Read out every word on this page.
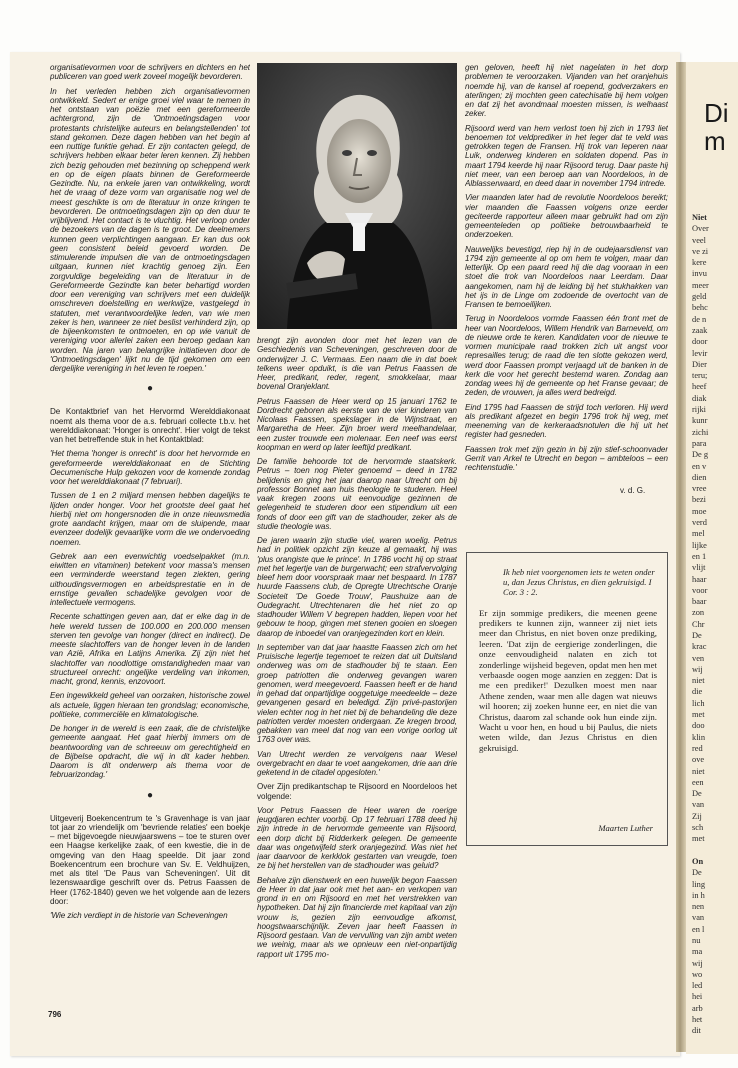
Di
m
Niet
Over
veel
ve zi
kere
invu
meer
geld
behc
de n
zaak
door
levir
Dier
teru;
heef
diak
rijki
kunr
zichi
para
De g
en v
dien
vree
bezi
moe
verd
mel
lijke
en 1
vlijt
haar
voor
baar
zon
Chr
De
krac
ven
wij
niet
die
lich
met
doo
klin
red
ove
niet
een
De
van
Zij
sch
met

On
De
ling
in h
nen
van
en l
nu
ma
wij
wo
led
hei
arb
het
dit

organisatievormen voor de schrijvers en dichters en het publiceren van goed werk zoveel mogelijk bevorderen.

In het verleden hebben zich organisatievormen ontwikkeld. Sedert er enige groei viel waar te nemen in het ontstaan van poëzie met een gereformeerde achtergrond, zijn de 'Ontmoetingsdagen voor protestants christelijke auteurs en belangstellenden' tot stand gekomen. Deze dagen hebben van het begin af een nuttige funktie gehad. Er zijn contacten gelegd, de schrijvers hebben elkaar beter leren kennen. Zij hebben zich bezig gehouden met bezinning op scheppend werk en op de eigen plaats binnen de Gereformeerde Gezindte. Nu, na enkele jaren van ontwikkeling, wordt het de vraag of deze vorm van organisatie nog wel de meest geschikte is om de literatuur in onze kringen te bevorderen. De ontmoetingsdagen zijn op den duur te vrijblijvend. Het contact is te vluchtig. Het verloop onder de bezoekers van de dagen is te groot. De deelnemers kunnen geen verplichtingen aangaan. Er kan dus ook geen consistent beleid gevoerd worden. De stimulerende impulsen die van de ontmoetingsdagen uitgaan, kunnen niet krachtig genoeg zijn. Een zorgvuldige begeleiding van de literatuur in de Gereformeerde Gezindte kan beter behartigd worden door een vereniging van schrijvers met een duidelijk omschreven doelstelling en werkwijze, vastgelegd in statuten, met verantwoordelijke leden, van wie men zeker is hen, wanneer ze niet beslist verhinderd zijn, op de bijeenkomsten te ontmoeten, en op wie vanuit de vereniging voor allerlei zaken een beroep gedaan kan worden. Na jaren van belangrijke initiatieven door de 'Ontmoetingsdagen' lijkt nu de tijd gekomen om een dergelijke vereniging in het leven te roepen.'

●

De Kontaktbrief van het Hervormd Werelddiakonaat noemt als thema voor de a.s. februari collecte t.b.v. het werelddiakonaat: 'Honger is onrecht'. Hier volgt de tekst van het betreffende stuk in het Kontaktblad:

'Het thema 'honger is onrecht' is door het hervormde en gereformeerde werelddiakonaat en de Stichting Oecumenische Hulp gekozen voor de komende zondag voor het werelddiakonaat (7 februari).

Tussen de 1 en 2 miljard mensen hebben dagelijks te lijden onder honger. Voor het grootste deel gaat het hierbij niet om hongersnoden die in onze nieuwsmedia grote aandacht krijgen, maar om de sluipende, maar evenzeer dodelijk gevaarlijke vorm die we ondervoeding noemen.

Gebrek aan een evenwichtig voedselpakket (m.n. eiwitten en vitaminen) betekent voor massa's mensen een verminderde weerstand tegen ziekten, gering uithoudingsvermogen en arbeidsprestatie en in de ernstige gevallen schadelijke gevolgen voor de intellectuele vermogens.

Recente schattingen geven aan, dat er elke dag in de hele wereld tussen de 100.000 en 200.000 mensen sterven ten gevolge van honger (direct en indirect). De meeste slachtoffers van de honger leven in de landen van Azië, Afrika en Latijns Amerika. Zij zijn niet het slachtoffer van noodlottige omstandigheden maar van structureel onrecht: ongelijke verdeling van inkomen, macht, grond, kennis, enzovoort.

Een ingewikkeld geheel van oorzaken, historische zowel als actuele, liggen hieraan ten grondslag; economische, politieke, commerciële en klimatologische.

De honger in de wereld is een zaak, die de christelijke gemeente aangaat. Het gaat hierbij immers om de beantwoording van de schreeuw om gerechtigheid en de Bijbelse opdracht, die wij in dit kader hebben. Daarom is dit onderwerp als thema voor de februarizondag.'

●

Uitgeverij Boekencentrum te 's Gravenhage is van jaar tot jaar zo vriendelijk om 'bevriende relaties' een boekje – met bijgevoegde nieuwjaarswens – toe te sturen over een Haagse kerkelijke zaak, of een kwestie, die in de omgeving van den Haag speelde. Dit jaar zond Boekencentrum een brochure van Sv. E. Veldhuijzen, met als titel 'De Paus van Scheveningen'. Uit dit lezenswaardige geschrift over ds. Petrus Faassen de Heer (1762-1840) geven we het volgende aan de lezers door:

'Wie zich verdiept in de historie van Scheveningen

brengt zijn avonden door met het lezen van de Geschiedenis van Scheveningen, geschreven door de onderwijzer J. C. Vermaas. Een naam die in dat boek telkens weer opduikt, is die van Petrus Faassen de Heer, predikant, reder, regent, smokkelaar, maar bovenal Oranjeklant.

Petrus Faassen de Heer werd op 15 januari 1762 te Dordrecht geboren als eerste van de vier kinderen van Nicolaas Faassen, spekslager in de Wijnstraat, en Margaretha de Heer. Zijn broer werd meelhandelaar, een zuster trouwde een molenaar. Een neef was eerst koopman en werd op later leeftijd predikant.

De familie behoorde tot de hervormde staatskerk. Petrus – toen nog Pieter genoemd – deed in 1782 belijdenis en ging het jaar daarop naar Utrecht om bij professor Bonnet aan huis theologie te studeren. Heel vaak kregen zoons uit eenvoudige gezinnen de gelegenheid te studeren door een stipendium uit een fonds of door een gift van de stadhouder, zeker als de studie theologie was.

De jaren waarin zijn studie viel, waren woelig. Petrus had in politiek opzicht zijn keuze al gemaakt, hij was 'plus orangiste que le prince'. In 1786 vocht hij op straat met het legertje van de burgerwacht; een strafvervolging bleef hem door voorspraak maar net bespaard. In 1787 huurde Faassens club, de Opregte Utrechtsche Oranje Societeit 'De Goede Trouw', Paushuize aan de Oudegracht. Utrechtenaren die het niet zo op stadhouder Willem V begrepen hadden, liepen voor het gebouw te hoop, gingen met stenen gooien en sloegen daarop de inboedel van oranjegezinden kort en klein.

In september van dat jaar haastte Faassen zich om het Pruisische legertje tegemoet te reizen dat uit Duitsland onderweg was om de stadhouder bij te staan. Een groep patriotten die onderweg gevangen waren genomen, werd meegevoerd. Faassen heeft er de hand in gehad dat onpartijdige ooggetuige meedeelde – deze gevangenen gesard en beledigd. Zijn privé-pastorijen vielen echter nog in het niet bij de behandeling die deze patriotten verder moesten ondergaan. Ze kregen brood, gebakken van meel dat nog van een vorige oorlog uit 1763 over was.

Van Utrecht werden ze vervolgens naar Wesel overgebracht en daar te voet aangekomen, drie aan drie geketend in de citadel opgesloten.'

Over Zijn predikantschap te Rijsoord en Noordeloos het volgende:

Voor Petrus Faassen de Heer waren de roerige jeugdjaren echter voorbij. Op 17 februari 1788 deed hij zijn intrede in de hervormde gemeente van Rijsoord, een dorp dicht bij Ridderkerk gelegen. De gemeente daar was ongetwijfeld sterk oranjegezind. Was niet het jaar daarvoor de kerkklok gestarten van vreugde, toen ze bij het herstellen van de stadhouder was geluid?

Behalve zijn dienstwerk en een huwelijk begon Faassen de Heer in dat jaar ook met het aan- en verkopen van grond in en om Rijsoord en met het verstrekken van hypotheken. Dat hij zijn financierde met kapitaal van zijn vrouw is, gezien zijn eenvoudige afkomst, hoogstwaarschijnlijk. Zeven jaar heeft Faassen in Rijsoord gestaan. Van de vervulling van zijn ambt weten we weinig, maar als we opnieuw een niet-onpartijdig rapport uit 1795 mo-

gen geloven, heeft hij niet nagelaten in het dorp problemen te veroorzaken. Vijanden van het oranjehuis noemde hij, van de kansel af roepend, godverzakers en aterlingen; zij mochten geen catechisatie bij hem volgen en dat zij het avondmaal moesten missen, is welhaast zeker.

Rijsoord werd van hem verlost toen hij zich in 1793 liet benoemen tot veldprediker in het leger dat te veld was getrokken tegen de Fransen. Hij trok van Ieperen naar Luik, onderweg kinderen en soldaten dopend. Pas in maart 1794 keerde hij naar Rijsoord terug. Daar paste hij niet meer, van een beroep aan van Noordeloos, in de Alblasserwaard, en deed daar in november 1794 intrede.

Vier maanden later had de revolutie Noordeloos bereikt; vier maanden die Faassen volgens onze eerder geciteerde rapporteur alleen maar gebruikt had om zijn gemeenteleden op politieke betrouwbaarheid te onderzoeken.

Nauwelijks bevestigd, riep hij in de oudejaarsdienst van 1794 zijn gemeente al op om hem te volgen, maar dan letterlijk. Op een paard reed hij die dag vooraan in een stoet die trok van Noordeloos naar Leerdam. Daar aangekomen, nam hij de leiding bij het stukhakken van het ijs in de Linge om zodoende de overtocht van de Fransen te bemoeilijken.

Terug in Noordeloos vormde Faassen één front met de heer van Noordeloos, Willem Hendrik van Barneveld, om de nieuwe orde te keren. Kandidaten voor de nieuwe te vormen municipale raad trokken zich uit angst voor represailles terug; de raad die ten slotte gekozen werd, werd door Faassen prompt verjaagd uit de banken in de kerk die voor het gerecht bestemd waren. Zondag aan zondag wees hij de gemeente op het Franse gevaar; de zeden, de vrouwen, ja alles werd bedreigd.

Eind 1795 had Faassen de strijd toch verloren. Hij werd als predikant afgezet en begin 1796 trok hij weg, met meeneming van de kerkeraadsnotulen die hij uit het register had gesneden.

Faassen trok met zijn gezin in bij zijn stief-schoonvader Gerrit van Arkel te Utrecht en begon – ambteloos – een rechtenstudie.'

v. d. G.
Ik heb niet voorgenomen iets te weten onder u, dan Jezus Christus, en dien gekruisigd. I Cor. 3 : 2.
Er zijn sommige predikers, die meenen geene predikers te kunnen zijn, wanneer zij niet iets meer dan Christus, en niet boven onze prediking, leeren. 'Dat zijn de eergierige zonderlingen, die onze eenvoudigheid nalaten en zich tot zonderlinge wijsheid begeven, opdat men hen met verbaasde oogen moge aanzien en zeggen: Dat is me een prediker!' Dezulken moest men naar Athene zenden, waar men alle dagen wat nieuws wil hooren; zij zoeken hunne eer, en niet die van Christus, daarom zal schande ook hun einde zijn. Wacht u voor hen, en houd u bij Paulus, die niets weten wilde, dan Jezus Christus en dien gekruisigd.
Maarten Luther
796
